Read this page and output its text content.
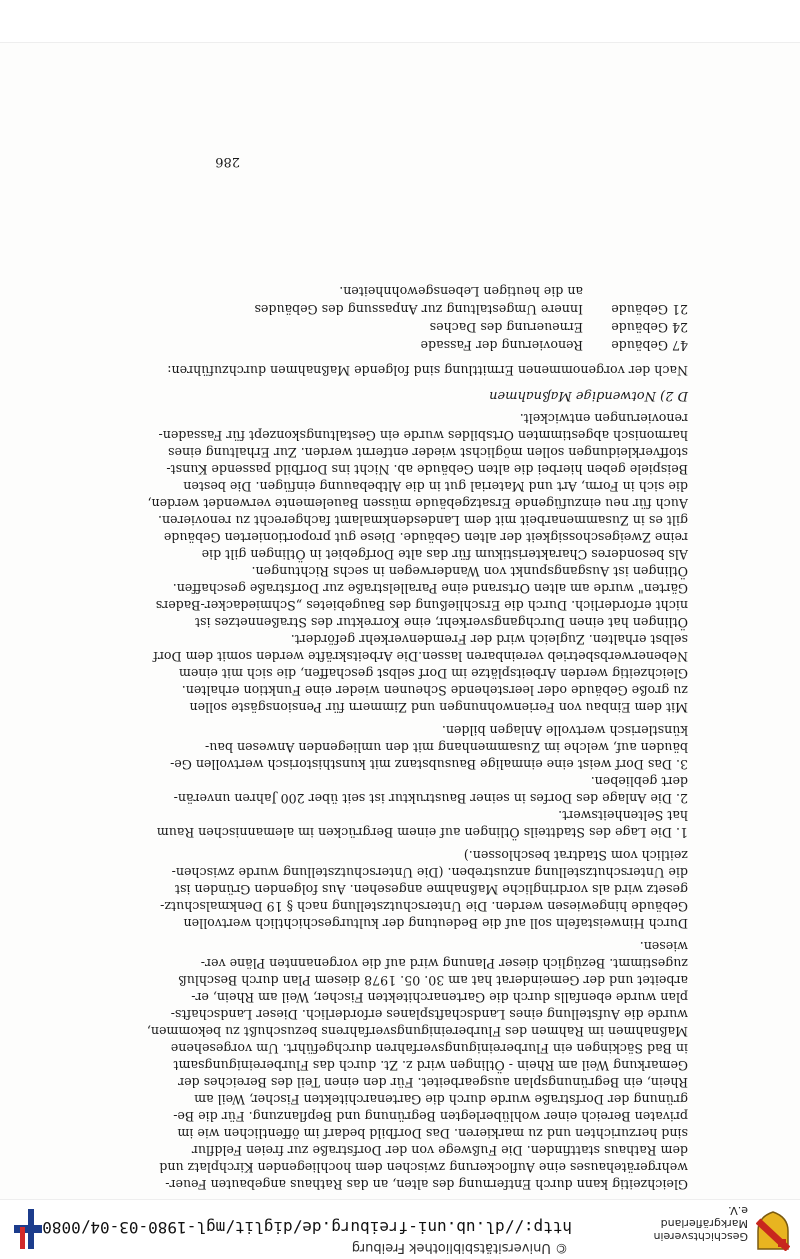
Geschichtsverein Markgräflerland e.V.
© Universitätsbibliothek Freiburg
http://dl.ub.uni-freiburg.de/diglit/mgl-1980-03-04/0080

Gleichzeitig kann durch Entfernung des alten, an das Rathaus angebauten Feuer-
wehrgerätehauses eine Auflockerung zwischen dem hochliegenden Kirchplatz und
dem Rathaus stattfinden. Die Fußwege von der Dorfstraße zur freien Feldflur
sind herzurichten und zu markieren. Das Dorfbild bedarf im öffentlichen wie im
privaten Bereich einer wohlüberlegten Begrünung und Bepflanzung. Für die Be-
grünung der Dorfstraße wurde durch die Gartenarchitekten Fischer, Weil am
Rhein, ein Begrünungsplan ausgearbeitet. Für den einen Teil des Bereiches der
Gemarkung Weil am Rhein - Ötlingen wird z. Zt. durch das Flurbereinigungsamt
in Bad Säckingen ein Flurbereinigungsverfahren durchgeführt. Um vorgesehene
Maßnahmen im Rahmen des Flurbereinigungsverfahrens bezuschußt zu bekommen,
wurde die Aufstellung eines Landschaftsplanes erforderlich. Dieser Landschafts-
plan wurde ebenfalls durch die Gartenarchitekten Fischer, Weil am Rhein, er-
arbeitet und der Gemeinderat hat am 30. 05. 1978 diesem Plan durch Beschluß
zugestimmt. Bezüglich dieser Planung wird auf die vorgenannten Pläne ver-
wiesen.

Durch Hinweistafeln soll auf die Bedeutung der kulturgeschichtlich wertvollen
Gebäude hingewiesen werden. Die Unterschutzstellung nach § 19 Denkmalschutz-
gesetz wird als vordringliche Maßnahme angesehen. Aus folgenden Gründen ist
die Unterschutzstellung anzustreben. (Die Unterschutzstellung wurde zwischen-
zeitlich vom Stadtrat beschlossen.)

1. Die Lage des Stadtteils Ötlingen auf einem Bergrücken im alemannischen Raum
hat Seltenheitswert.
2. Die Anlage des Dorfes in seiner Baustruktur ist seit über 200 Jahren unverän-
dert geblieben.
3. Das Dorf weist eine einmalige Bausubstanz mit kunsthistorisch wertvollen Ge-
bäuden auf, welche im Zusammenhang mit den umliegenden Anwesen bau-
künstlerisch wertvolle Anlagen bilden.

Mit dem Einbau von Ferienwohnungen und Zimmern für Pensionsgäste sollen
zu große Gebäude oder leerstehende Scheunen wieder eine Funktion erhalten.
Gleichzeitig werden Arbeitsplätze im Dorf selbst geschaffen, die sich mit einem
Nebenerwerbsbetrieb vereinbaren lassen.Die Arbeitskräfte werden somit dem Dorf
selbst erhalten. Zugleich wird der Fremdenverkehr gefördert.
Ötlingen hat einen Durchgangsverkehr, eine Korrektur des Straßennetzes ist
nicht erforderlich. Durch die Erschließung des Baugebietes „Schmiedacker-Baders
Gärten" wurde am alten Ortsrand eine Parallelstraße zur Dorfstraße geschaffen.
Ötlingen ist Ausgangspunkt von Wanderwegen in sechs Richtungen.
Als besonderes Charakteristikum für das alte Dorfgebiet in Ötlingen gilt die
reine Zweigeschossigkeit der alten Gebäude. Diese gut proportionierten Gebäude
gilt es in Zusammenarbeit mit dem Landesdenkmalamt fachgerecht zu renovieren.
Auch für neu einzufügende Ersatzgebäude müssen Bauelemente verwendet werden,
die sich in Form, Art und Material gut in die Altbebauung einfügen. Die besten
Beispiele geben hierbei die alten Gebäude ab. Nicht ins Dorfbild passende Kunst-
stoffverkleidungen sollen möglichst wieder entfernt werden. Zur Erhaltung eines
harmonisch abgestimmten Ortsbildes wurde ein Gestaltungskonzept für Fassaden-
renovierungen entwickelt.

D 2) Notwendige Maßnahmen

Nach der vorgenommenen Ermittlung sind folgende Maßnahmen durchzuführen:

47 Gebäude
Renovierung der Fassade
24 Gebäude
Erneuerung des Daches
21 Gebäude
Innere Umgestaltung zur Anpassung des Gebäudes
an die heutigen Lebensgewohnheiten.
286
